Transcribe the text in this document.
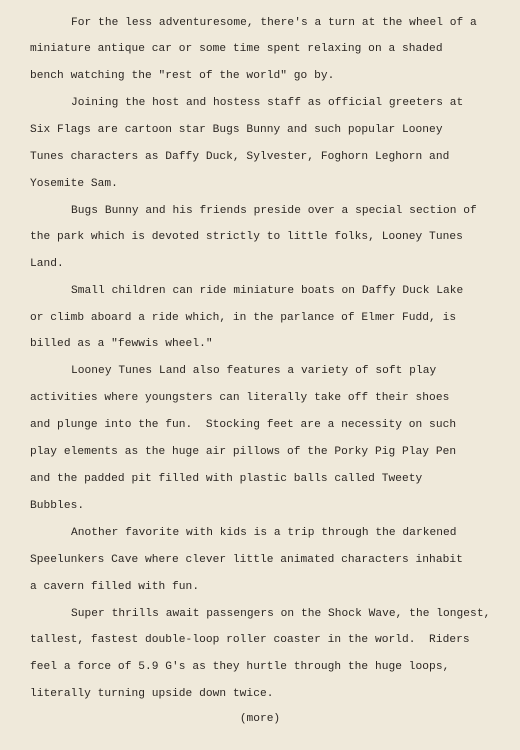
For the less adventuresome, there's a turn at the wheel of a
miniature antique car or some time spent relaxing on a shaded
bench watching the "rest of the world" go by.
Joining the host and hostess staff as official greeters at
Six Flags are cartoon star Bugs Bunny and such popular Looney
Tunes characters as Daffy Duck, Sylvester, Foghorn Leghorn and
Yosemite Sam.
Bugs Bunny and his friends preside over a special section of
the park which is devoted strictly to little folks, Looney Tunes
Land.
Small children can ride miniature boats on Daffy Duck Lake
or climb aboard a ride which, in the parlance of Elmer Fudd, is
billed as a "fewwis wheel."
Looney Tunes Land also features a variety of soft play
activities where youngsters can literally take off their shoes
and plunge into the fun.  Stocking feet are a necessity on such
play elements as the huge air pillows of the Porky Pig Play Pen
and the padded pit filled with plastic balls called Tweety
Bubbles.
Another favorite with kids is a trip through the darkened
Speelunkers Cave where clever little animated characters inhabit
a cavern filled with fun.
Super thrills await passengers on the Shock Wave, the longest,
tallest, fastest double-loop roller coaster in the world.  Riders
feel a force of 5.9 G's as they hurtle through the huge loops,
literally turning upside down twice.
(more)
